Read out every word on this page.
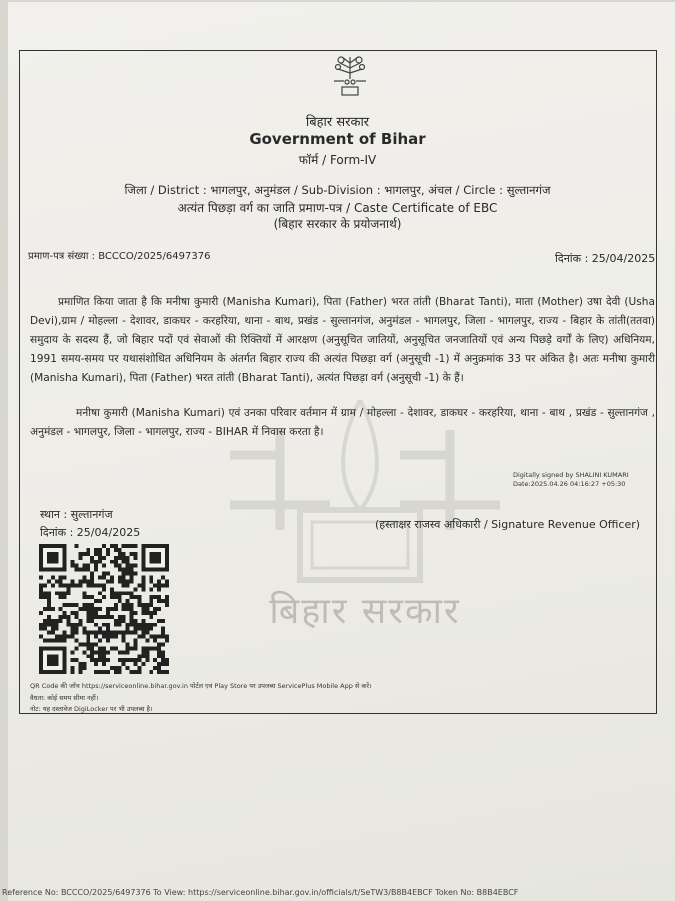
बिहार सरकार
बिहार सरकार
Government of Bihar
फॉर्म / Form-IV
जिला / District : भागलपुर, अनुमंडल / Sub-Division : भागलपुर, अंचल / Circle : सुल्तानगंज
अत्यंत पिछड़ा वर्ग का जाति प्रमाण-पत्र / Caste Certificate of EBC
(बिहार सरकार के प्रयोजनार्थ)
प्रमाण-पत्र संख्या : BCCCO/2025/6497376	दिनांक : 25/04/2025
प्रमाणित किया जाता है कि मनीषा कुमारी (Manisha Kumari), पिता (Father) भरत तांती (Bharat Tanti), माता (Mother) उषा देवी (Usha Devi),ग्राम / मोहल्ला - देशावर, डाकघर - करहरिया, थाना - बाथ, प्रखंड - सुल्तानगंज, अनुमंडल - भागलपुर, जिला - भागलपुर, राज्य - बिहार के तांती(ततवा) समुदाय के सदस्य हैं, जो बिहार पदों एवं सेवाओं की रिक्तियों में आरक्षण (अनुसूचित जातियों, अनुसूचित जनजातियों एवं अन्य पिछड़े वर्गों के लिए) अधिनियम, 1991 समय-समय पर यथासंशोधित अधिनियम के अंतर्गत बिहार राज्य की अत्यंत पिछड़ा वर्ग (अनुसूची -1) में अनुक्रमांक 33 पर अंकित है। अतः मनीषा कुमारी (Manisha Kumari), पिता (Father) भरत तांती (Bharat Tanti), अत्यंत पिछड़ा वर्ग (अनुसूची -1) के हैं।
मनीषा कुमारी (Manisha Kumari) एवं उनका परिवार वर्तमान में ग्राम / मोहल्ला - देशावर, डाकघर - करहरिया, थाना - बाथ , प्रखंड - सुल्तानगंज , अनुमंडल - भागलपुर, जिला - भागलपुर, राज्य - BIHAR में निवास करता है।
Digitally signed by SHALINI KUMARI
Date:2025.04.26 04:16:27 +05:30
स्थान : सुल्तानगंज
दिनांक : 25/04/2025
(हस्ताक्षर राजस्व अधिकारी / Signature Revenue Officer)
QR Code की जाँच https://serviceonline.bihar.gov.in पोर्टल एवं Play Store पर उपलब्ध ServicePlus Mobile App से करें।
वैधता: कोई समय सीमा नहीं।
नोट: यह दस्तावेज DigiLocker पर भी उपलब्ध है।
Reference No: BCCCO/2025/6497376 To View: https://serviceonline.bihar.gov.in/officials/t/SeTW3/B8B4EBCF Token No: B8B4EBCF
